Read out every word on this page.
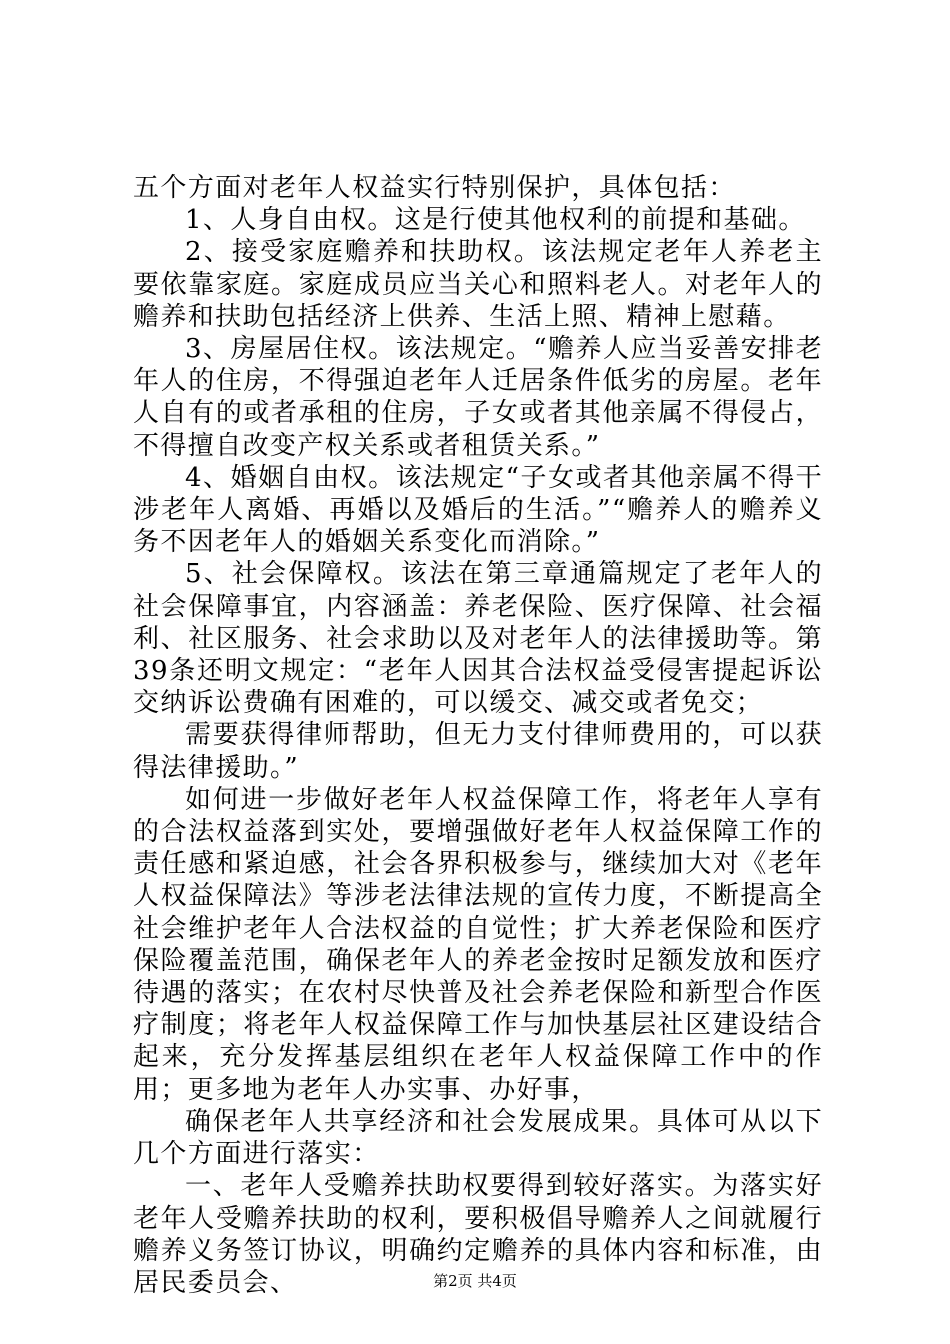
五个方面对老年人权益实行特别保护，具体包括：

1、人身自由权。这是行使其他权利的前提和基础。

2、接受家庭赡养和扶助权。该法规定老年人养老主要依靠家庭。家庭成员应当关心和照料老人。对老年人的赡养和扶助包括经济上供养、生活上照、精神上慰藉。

3、房屋居住权。该法规定。“赡养人应当妥善安排老年人的住房，不得强迫老年人迁居条件低劣的房屋。老年人自有的或者承租的住房，子女或者其他亲属不得侵占，不得擅自改变产权关系或者租赁关系。”

4、婚姻自由权。该法规定“子女或者其他亲属不得干涉老年人离婚、再婚以及婚后的生活。”“赡养人的赡养义务不因老年人的婚姻关系变化而消除。”

5、社会保障权。该法在第三章通篇规定了老年人的社会保障事宜，内容涵盖：养老保险、医疗保障、社会福利、社区服务、社会求助以及对老年人的法律援助等。第39条还明文规定：“老年人因其合法权益受侵害提起诉讼交纳诉讼费确有困难的，可以缓交、减交或者免交；

需要获得律师帮助，但无力支付律师费用的，可以获得法律援助。”

如何进一步做好老年人权益保障工作，将老年人享有的合法权益落到实处，要增强做好老年人权益保障工作的责任感和紧迫感，社会各界积极参与，继续加大对《老年人权益保障法》等涉老法律法规的宣传力度，不断提高全社会维护老年人合法权益的自觉性；扩大养老保险和医疗保险覆盖范围，确保老年人的养老金按时足额发放和医疗待遇的落实；在农村尽快普及社会养老保险和新型合作医疗制度；将老年人权益保障工作与加快基层社区建设结合起来，充分发挥基层组织在老年人权益保障工作中的作用；更多地为老年人办实事、办好事，

确保老年人共享经济和社会发展成果。具体可从以下几个方面进行落实：

一、老年人受赡养扶助权要得到较好落实。为落实好老年人受赡养扶助的权利，要积极倡导赡养人之间就履行赡养义务签订协议，明确约定赡养的具体内容和标准，由居民委员会、	第2页 共4页
